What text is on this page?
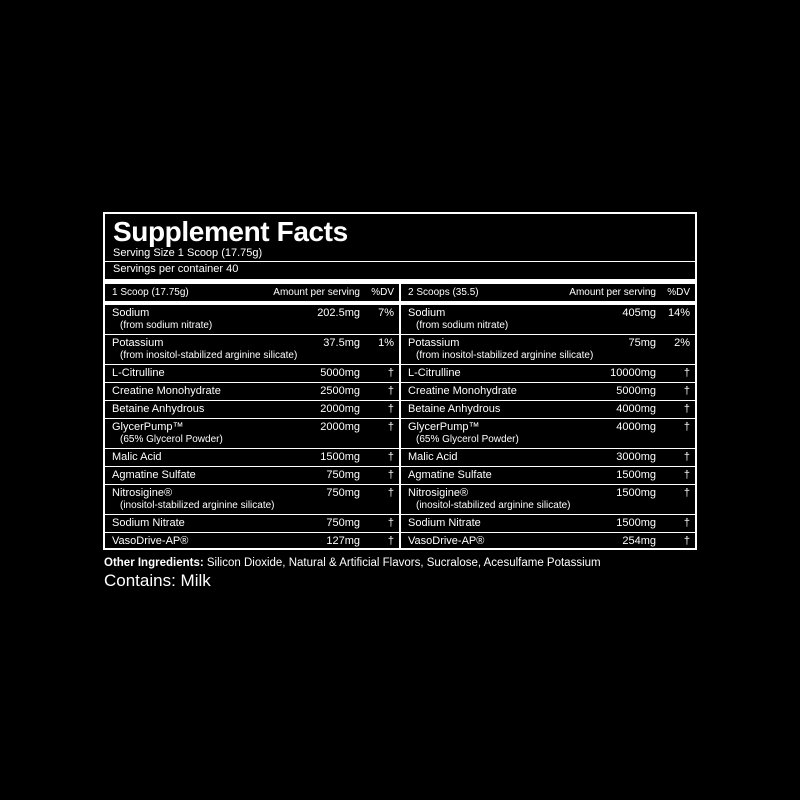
Supplement Facts
Serving Size 1 Scoop (17.75g)
Servings per container 40
1 Scoop (17.75g)	Amount per serving	%DV
Sodium	202.5mg	7%
(from sodium nitrate)
Potassium	37.5mg	1%
(from inositol-stabilized arginine silicate)
L-Citrulline	5000mg	†
Creatine Monohydrate	2500mg	†
Betaine Anhydrous	2000mg	†
GlycerPump™	2000mg	†
(65% Glycerol Powder)
Malic Acid	1500mg	†
Agmatine Sulfate	750mg	†
Nitrosigine®	750mg	†
(inositol-stabilized arginine silicate)
Sodium Nitrate	750mg	†
VasoDrive-AP®	127mg	†
2 Scoops (35.5)	Amount per serving	%DV
Sodium	405mg	14%
(from sodium nitrate)
Potassium	75mg	2%
(from inositol-stabilized arginine silicate)
L-Citrulline	10000mg	†
Creatine Monohydrate	5000mg	†
Betaine Anhydrous	4000mg	†
GlycerPump™	4000mg	†
(65% Glycerol Powder)
Malic Acid	3000mg	†
Agmatine Sulfate	1500mg	†
Nitrosigine®	1500mg	†
(inositol-stabilized arginine silicate)
Sodium Nitrate	1500mg	†
VasoDrive-AP®	254mg	†
Other Ingredients: Silicon Dioxide, Natural & Artificial Flavors, Sucralose, Acesulfame Potassium
Contains: Milk
